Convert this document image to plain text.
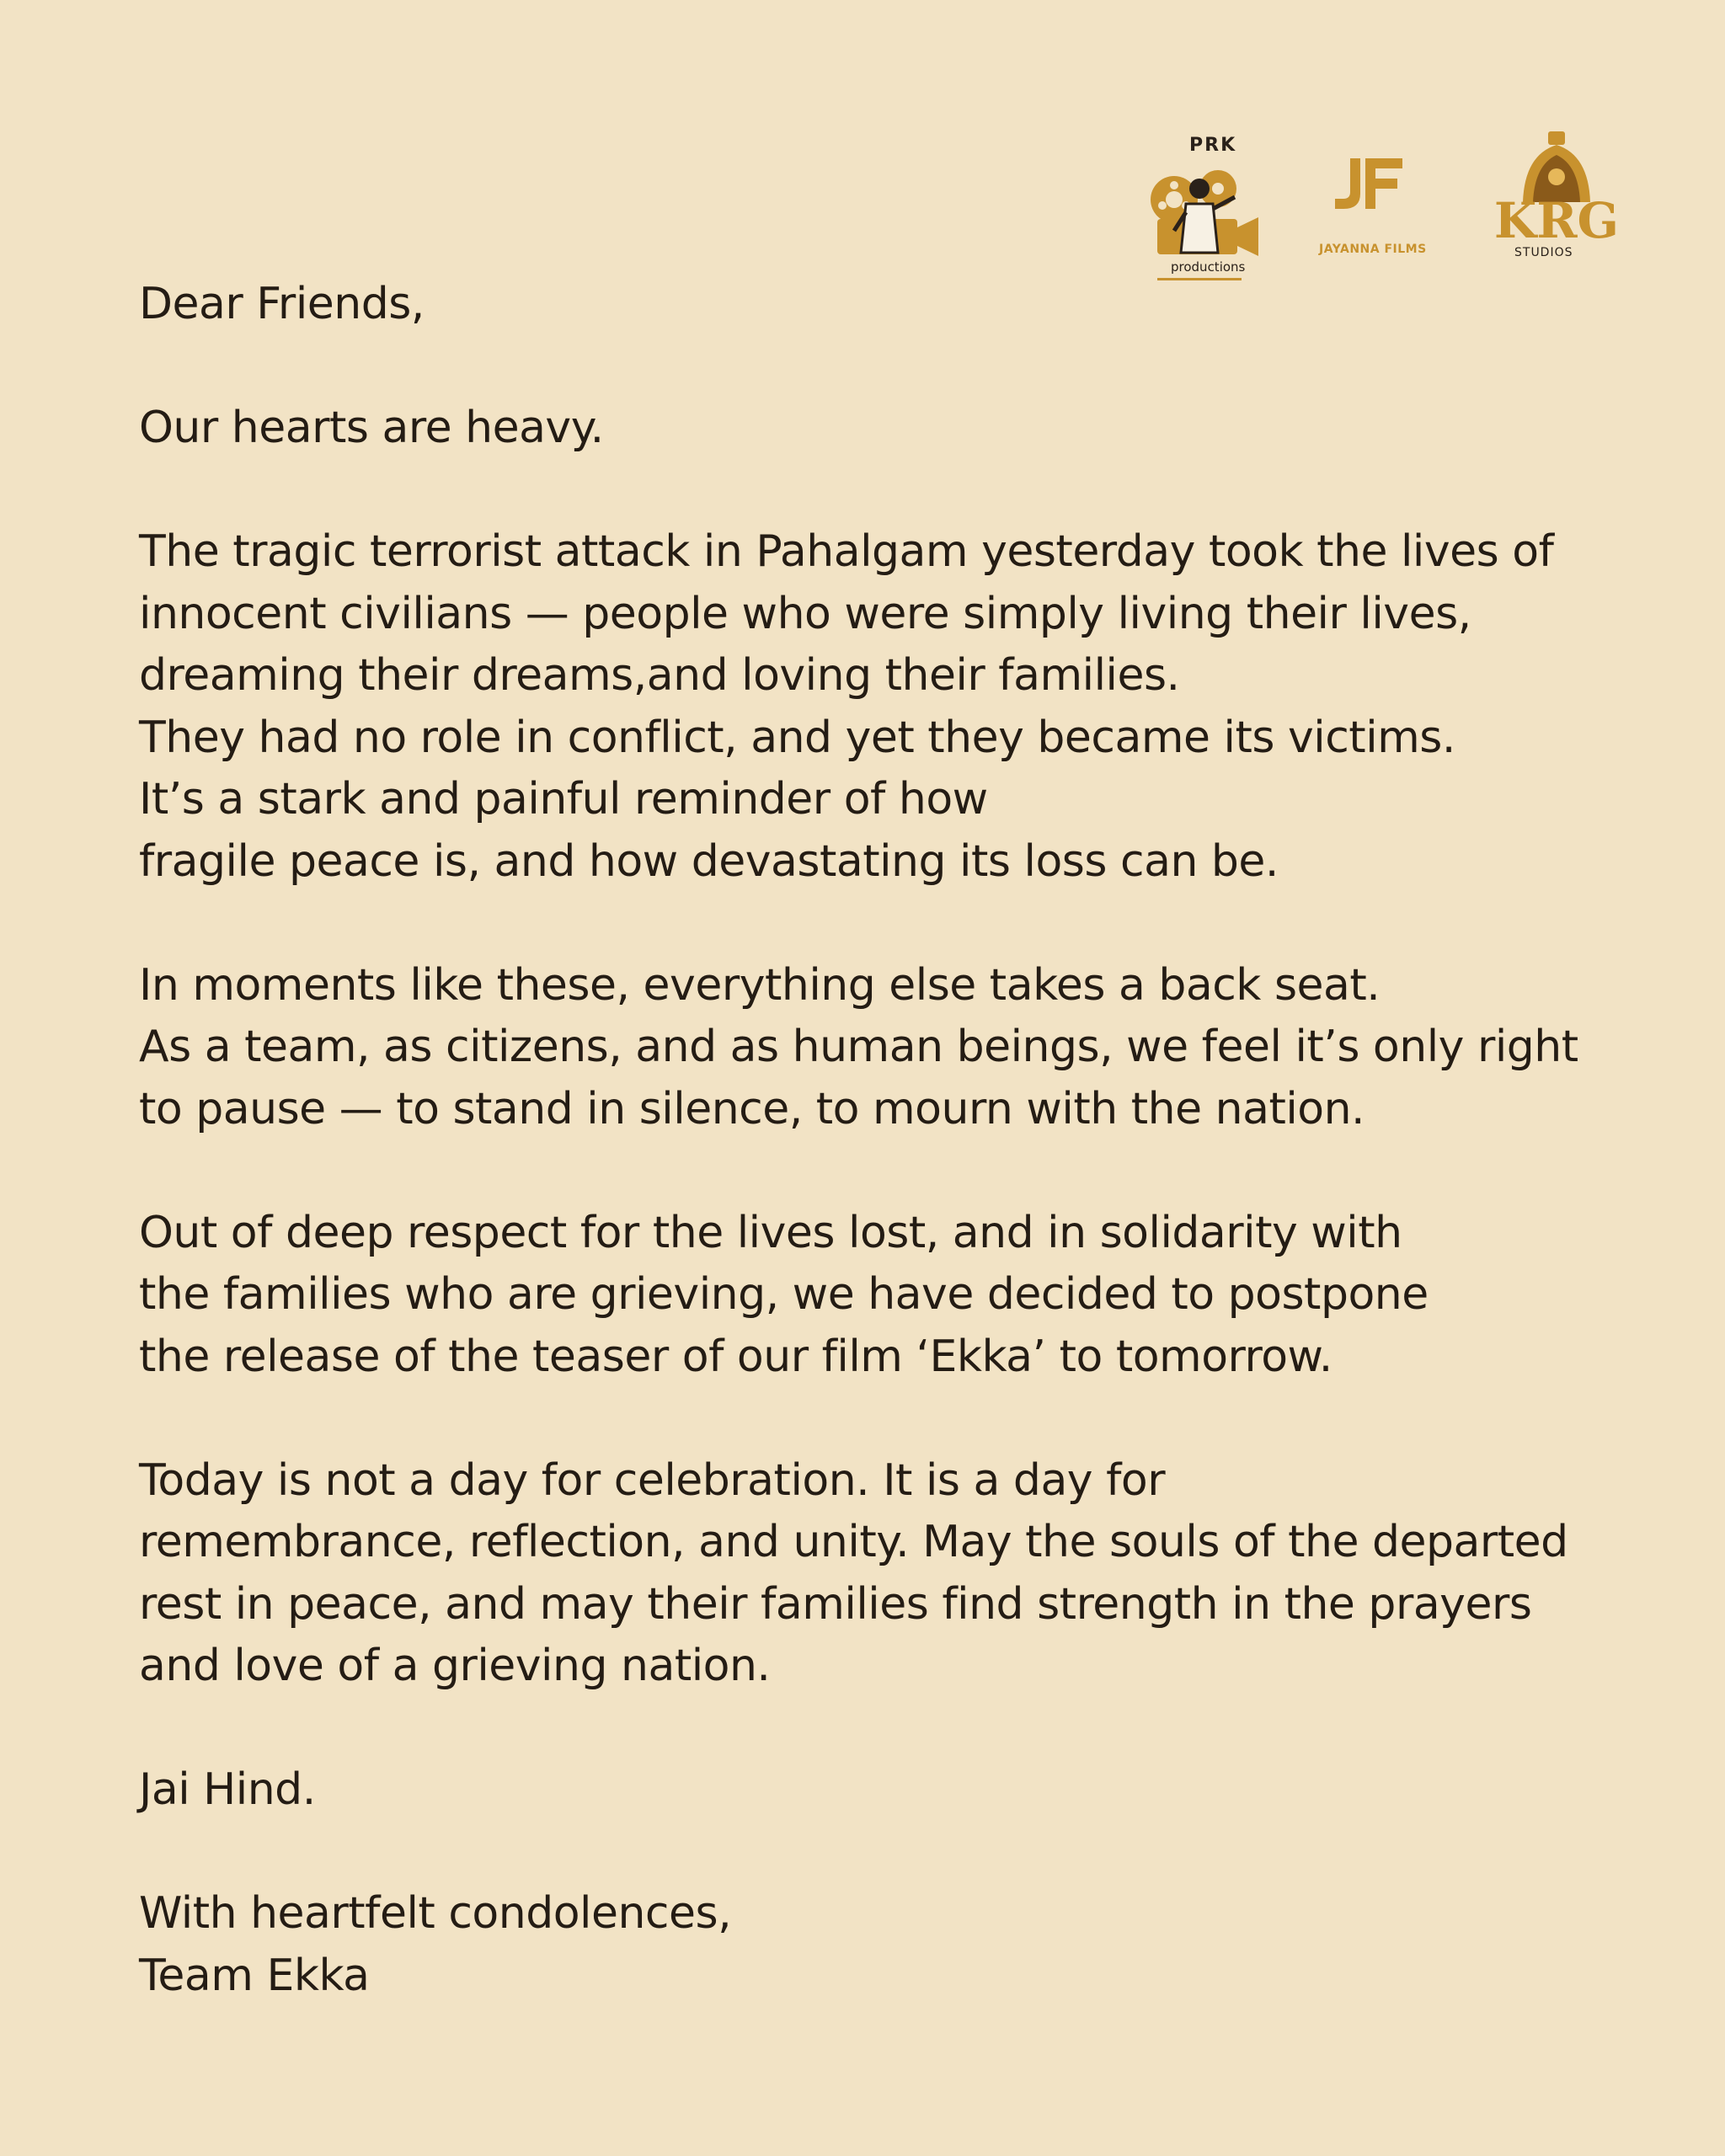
PRK
productions
JAYANNA FILMS KRG
STUDIOS
Dear Friends,
Our hearts are heavy.
The tragic terrorist attack in Pahalgam yesterday took the lives of
innocent civilians — people who were simply living their lives,
dreaming their dreams,and loving their families.
They had no role in conflict, and yet they became its victims.
It’s a stark and painful reminder of how
fragile peace is, and how devastating its loss can be.
In moments like these, everything else takes a back seat.
As a team, as citizens, and as human beings, we feel it’s only right
to pause — to stand in silence, to mourn with the nation.
Out of deep respect for the lives lost, and in solidarity with
the families who are grieving, we have decided to postpone
the release of the teaser of our film ‘Ekka’ to tomorrow.
Today is not a day for celebration. It is a day for
remembrance, reflection, and unity. May the souls of the departed
rest in peace, and may their families find strength in the prayers
and love of a grieving nation.
Jai Hind.
With heartfelt condolences,
Team Ekka
